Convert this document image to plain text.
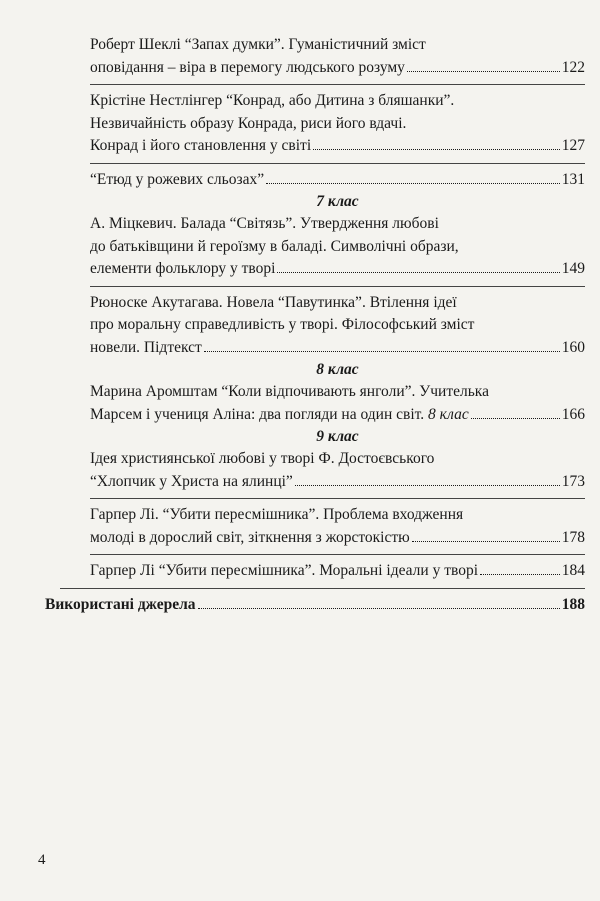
Роберт Шеклі “Запах думки”. Гуманістичний зміст
оповідання – віра в перемогу людського розуму	122
Крістіне Нестлінгер “Конрад, або Дитина з бляшанки”.
Незвичайність образу Конрада, риси його вдачі.
Конрад і його становлення у світі	127
“Етюд у рожевих сльозах”	131
7 клас
А. Міцкевич. Балада “Світязь”. Утвердження любові
до батьківщини й героїзму в баладі. Символічні образи,
елементи фольклору у творі	149
Рюноске Акутагава. Новела “Павутинка”. Втілення ідеї
про моральну справедливість у творі. Філософський зміст
новели. Підтекст	160
8 клас
Марина Аромштам “Коли відпочивають янголи”. Учителька
Марсем і учениця Аліна: два погляди на один світ. 8 клас	166
9 клас
Ідея християнської любові у творі Ф. Достоєвського
“Хлопчик у Христа на ялинці”	173
Гарпер Лі. “Убити пересмішника”. Проблема входження
молоді в дорослий світ, зіткнення з жорстокістю	178
Гарпер Лі “Убити пересмішника”. Моральні ідеали у творі	184
Використані джерела	188
4
